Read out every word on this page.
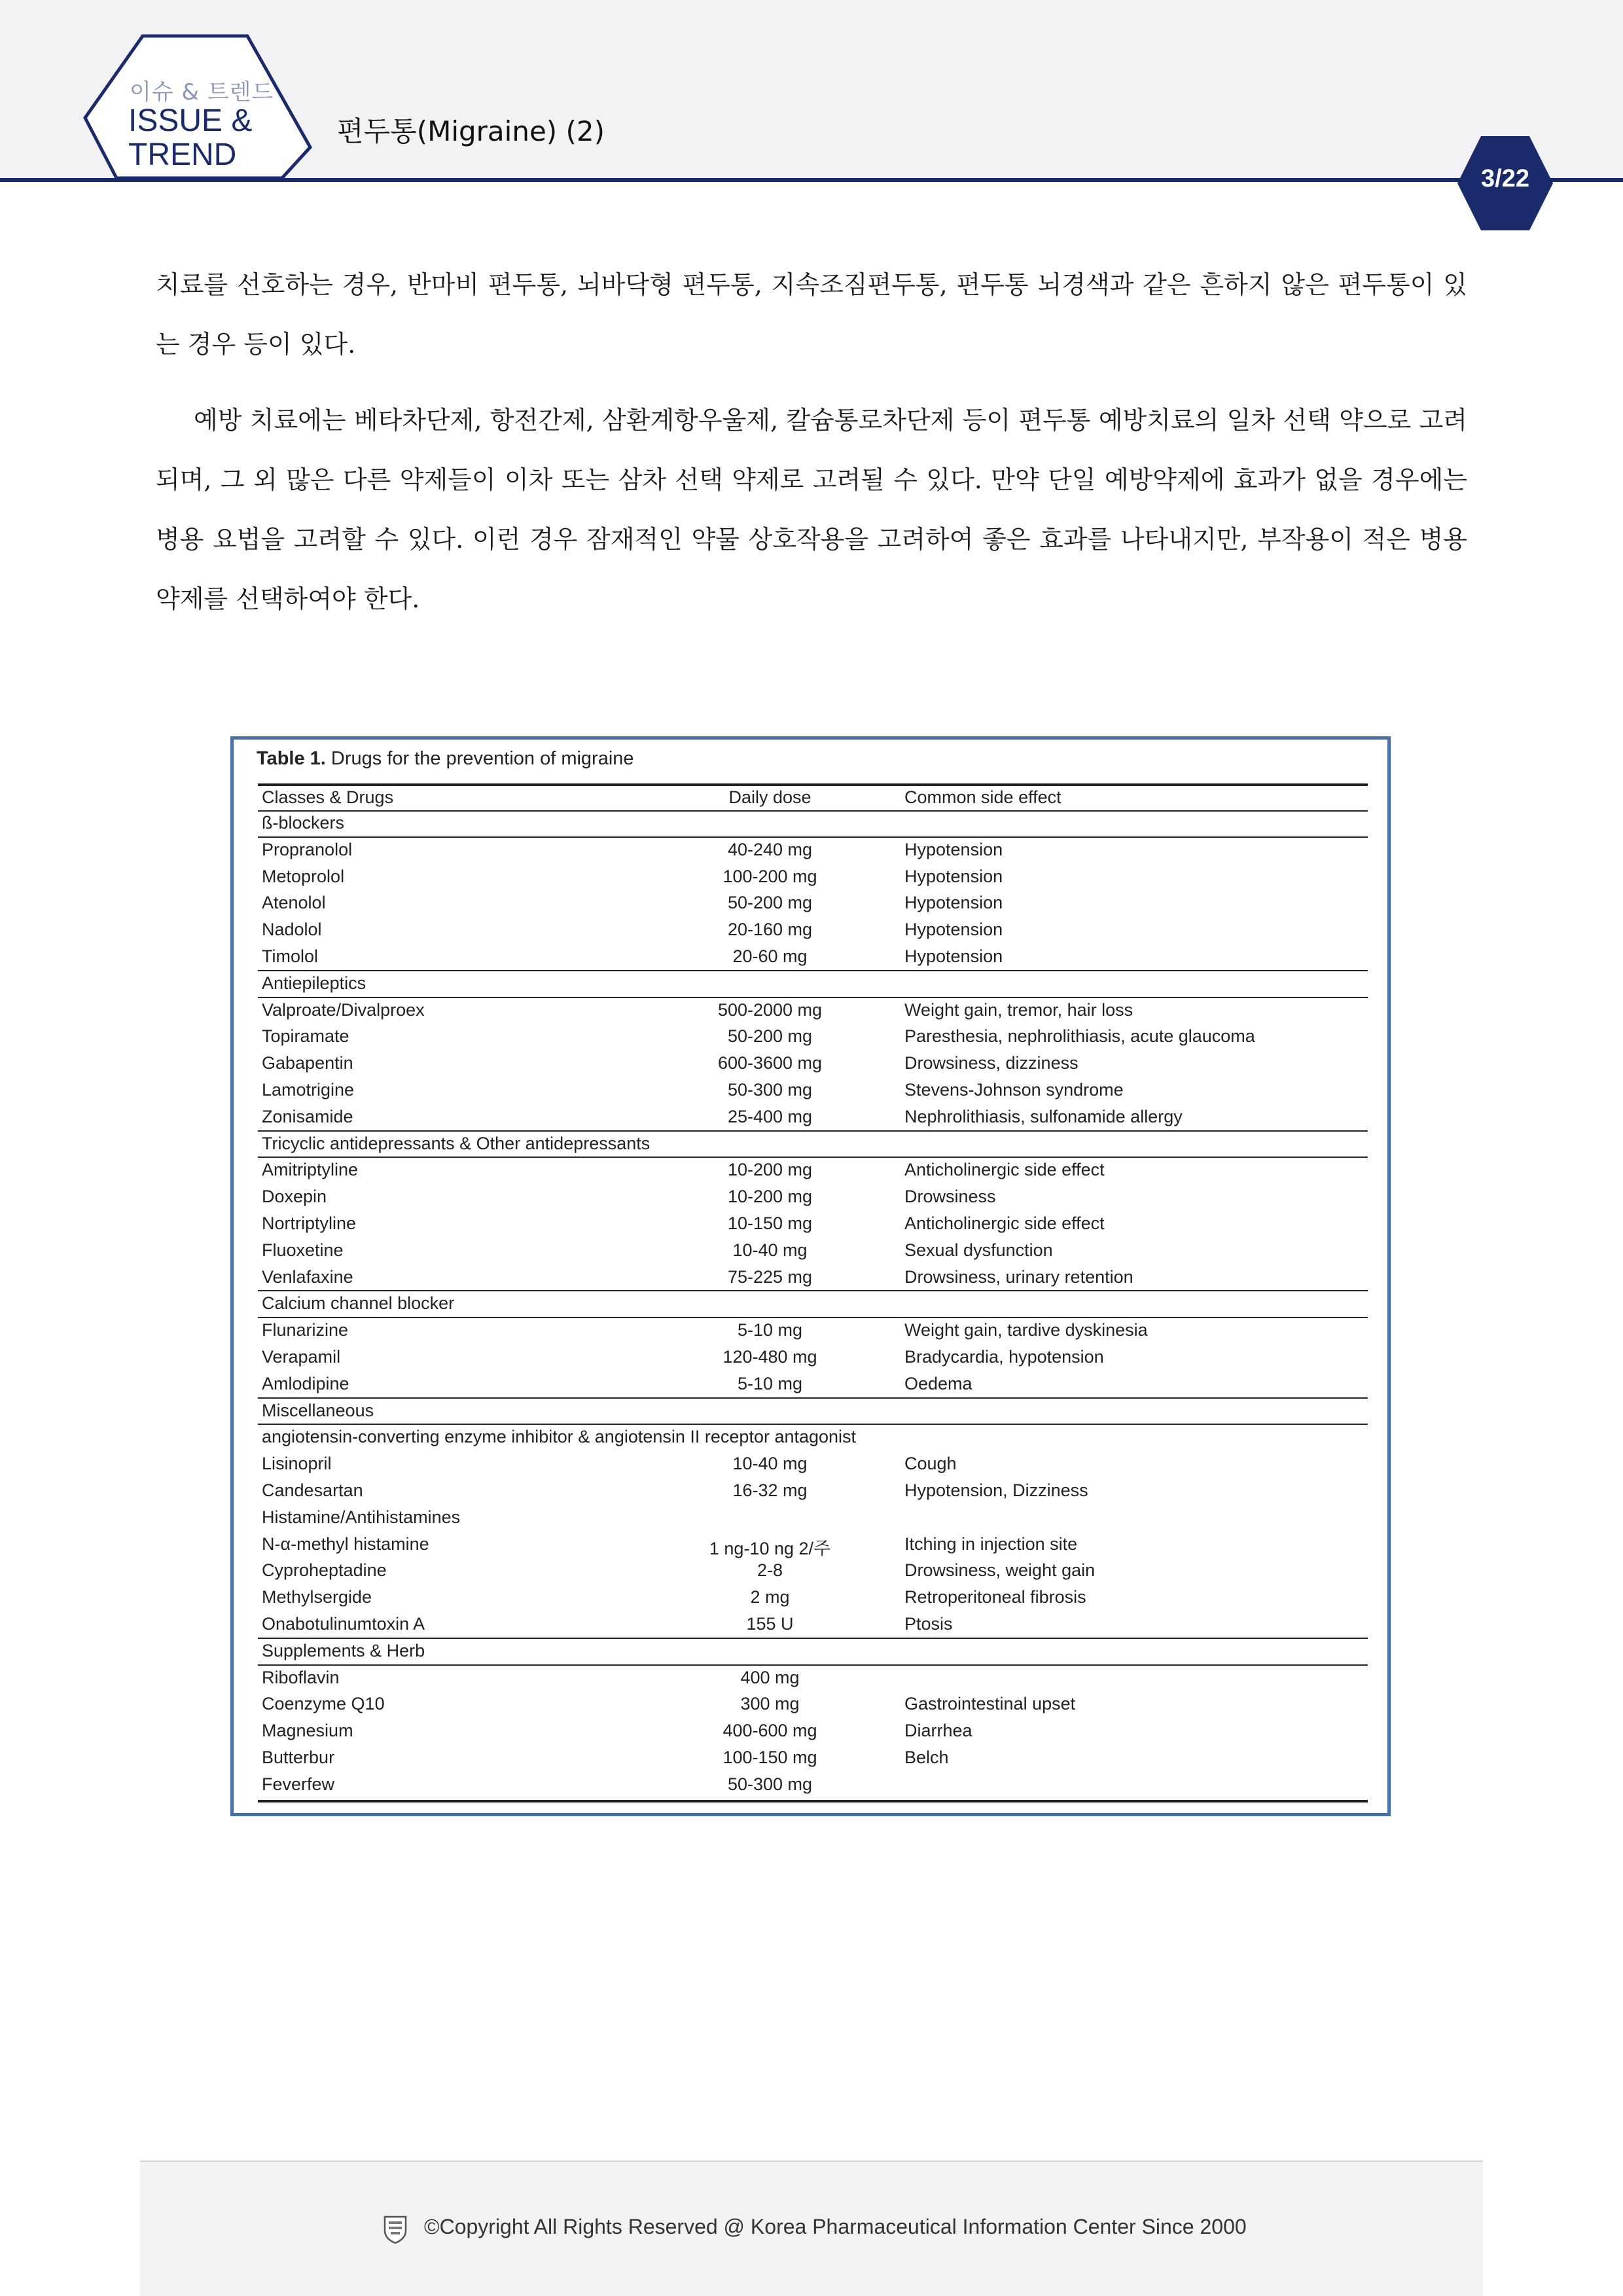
이슈 & 트렌드
ISSUE &
TREND
편두통(Migraine) (2)
3/22
치료를 선호하는 경우, 반마비 편두통, 뇌바닥형 편두통, 지속조짐편두통, 편두통 뇌경색과 같은 흔하지 않은 편두통이 있는 경우 등이 있다.
예방 치료에는 베타차단제, 항전간제, 삼환계항우울제, 칼슘통로차단제 등이 편두통 예방치료의 일차 선택 약으로 고려되며, 그 외 많은 다른 약제들이 이차 또는 삼차 선택 약제로 고려될 수 있다. 만약 단일 예방약제에 효과가 없을 경우에는 병용 요법을 고려할 수 있다. 이런 경우 잠재적인 약물 상호작용을 고려하여 좋은 효과를 나타내지만, 부작용이 적은 병용 약제를 선택하여야 한다.
Table 1. Drugs for the prevention of migraine
Classes & Drugs	Daily dose	Common side effect
ß-blockers
Propranolol	40-240 mg	Hypotension
Metoprolol	100-200 mg	Hypotension
Atenolol	50-200 mg	Hypotension
Nadolol	20-160 mg	Hypotension
Timolol	20-60 mg	Hypotension
Antiepileptics
Valproate/Divalproex	500-2000 mg	Weight gain, tremor, hair loss
Topiramate	50-200 mg	Paresthesia, nephrolithiasis, acute glaucoma
Gabapentin	600-3600 mg	Drowsiness, dizziness
Lamotrigine	50-300 mg	Stevens-Johnson syndrome
Zonisamide	25-400 mg	Nephrolithiasis, sulfonamide allergy
Tricyclic antidepressants & Other antidepressants
Amitriptyline	10-200 mg	Anticholinergic side effect
Doxepin	10-200 mg	Drowsiness
Nortriptyline	10-150 mg	Anticholinergic side effect
Fluoxetine	10-40 mg	Sexual dysfunction
Venlafaxine	75-225 mg	Drowsiness, urinary retention
Calcium channel blocker
Flunarizine	5-10 mg	Weight gain, tardive dyskinesia
Verapamil	120-480 mg	Bradycardia, hypotension
Amlodipine	5-10 mg	Oedema
Miscellaneous
angiotensin-converting enzyme inhibitor & angiotensin II receptor antagonist
Lisinopril	10-40 mg	Cough
Candesartan	16-32 mg	Hypotension, Dizziness
Histamine/Antihistamines
N-α-methyl histamine	1 ng-10 ng 2/주	Itching in injection site
Cyproheptadine	2-8	Drowsiness, weight gain
Methylsergide	2 mg	Retroperitoneal fibrosis
Onabotulinumtoxin A	155 U	Ptosis
Supplements & Herb
Riboflavin	400 mg
Coenzyme Q10	300 mg	Gastrointestinal upset
Magnesium	400-600 mg	Diarrhea
Butterbur	100-150 mg	Belch
Feverfew	50-300 mg
©Copyright All Rights Reserved @ Korea Pharmaceutical Information Center Since 2000
